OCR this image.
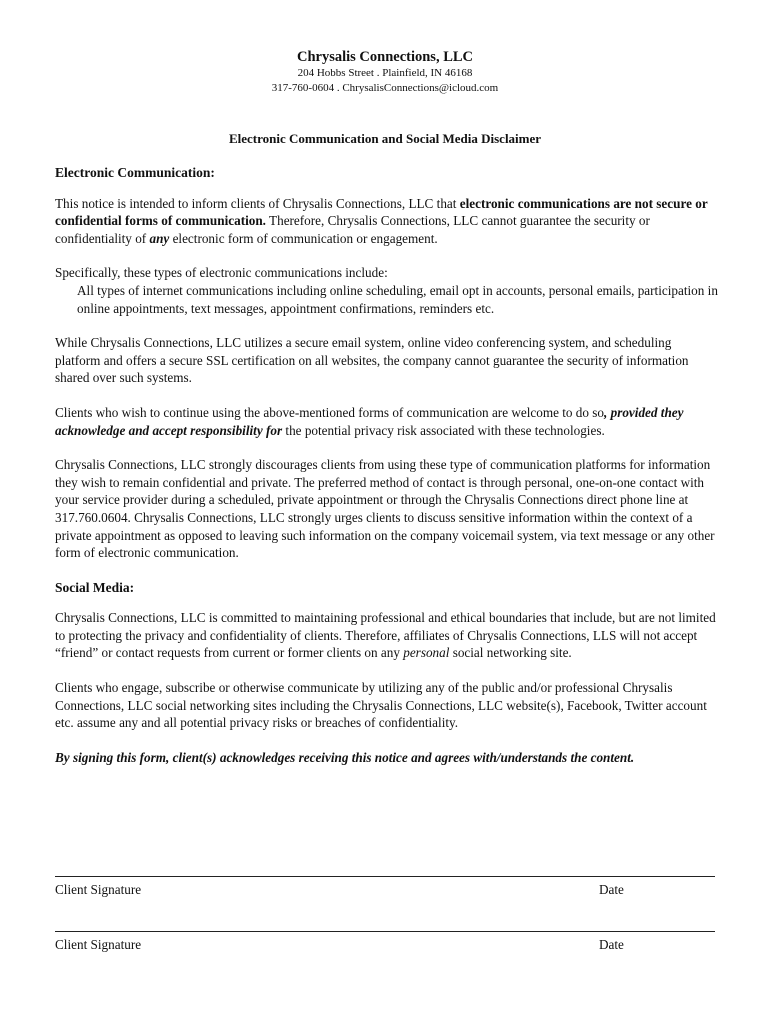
Chrysalis Connections, LLC
204 Hobbs Street . Plainfield, IN 46168
317-760-0604 . ChrysalisConnections@icloud.com
Electronic Communication and Social Media Disclaimer

Electronic Communication:

This notice is intended to inform clients of Chrysalis Connections, LLC that electronic communications are not secure or confidential forms of communication. Therefore, Chrysalis Connections, LLC cannot guarantee the security or confidentiality of any electronic form of communication or engagement.

Specifically, these types of electronic communications include:

All types of internet communications including online scheduling, email opt in accounts, personal emails, participation in online appointments, text messages, appointment confirmations, reminders etc.

While Chrysalis Connections, LLC utilizes a secure email system, online video conferencing system, and scheduling platform and offers a secure SSL certification on all websites, the company cannot guarantee the security of information shared over such systems.

Clients who wish to continue using the above-mentioned forms of communication are welcome to do so, provided they acknowledge and accept responsibility for the potential privacy risk associated with these technologies.

Chrysalis Connections, LLC strongly discourages clients from using these type of communication platforms for information they wish to remain confidential and private. The preferred method of contact is through personal, one-on-one contact with your service provider during a scheduled, private appointment or through the Chrysalis Connections direct phone line at 317.760.0604. Chrysalis Connections, LLC strongly urges clients to discuss sensitive information within the context of a private appointment as opposed to leaving such information on the company voicemail system, via text message or any other form of electronic communication.

Social Media:

Chrysalis Connections, LLC is committed to maintaining professional and ethical boundaries that include, but are not limited to protecting the privacy and confidentiality of clients. Therefore, affiliates of Chrysalis Connections, LLS will not accept “friend” or contact requests from current or former clients on any personal social networking site.

Clients who engage, subscribe or otherwise communicate by utilizing any of the public and/or professional Chrysalis Connections, LLC social networking sites including the Chrysalis Connections, LLC website(s), Facebook, Twitter account etc. assume any and all potential privacy risks or breaches of confidentiality.

By signing this form, client(s) acknowledges receiving this notice and agrees with/understands the content.

Client Signature	Date
Client Signature	Date
